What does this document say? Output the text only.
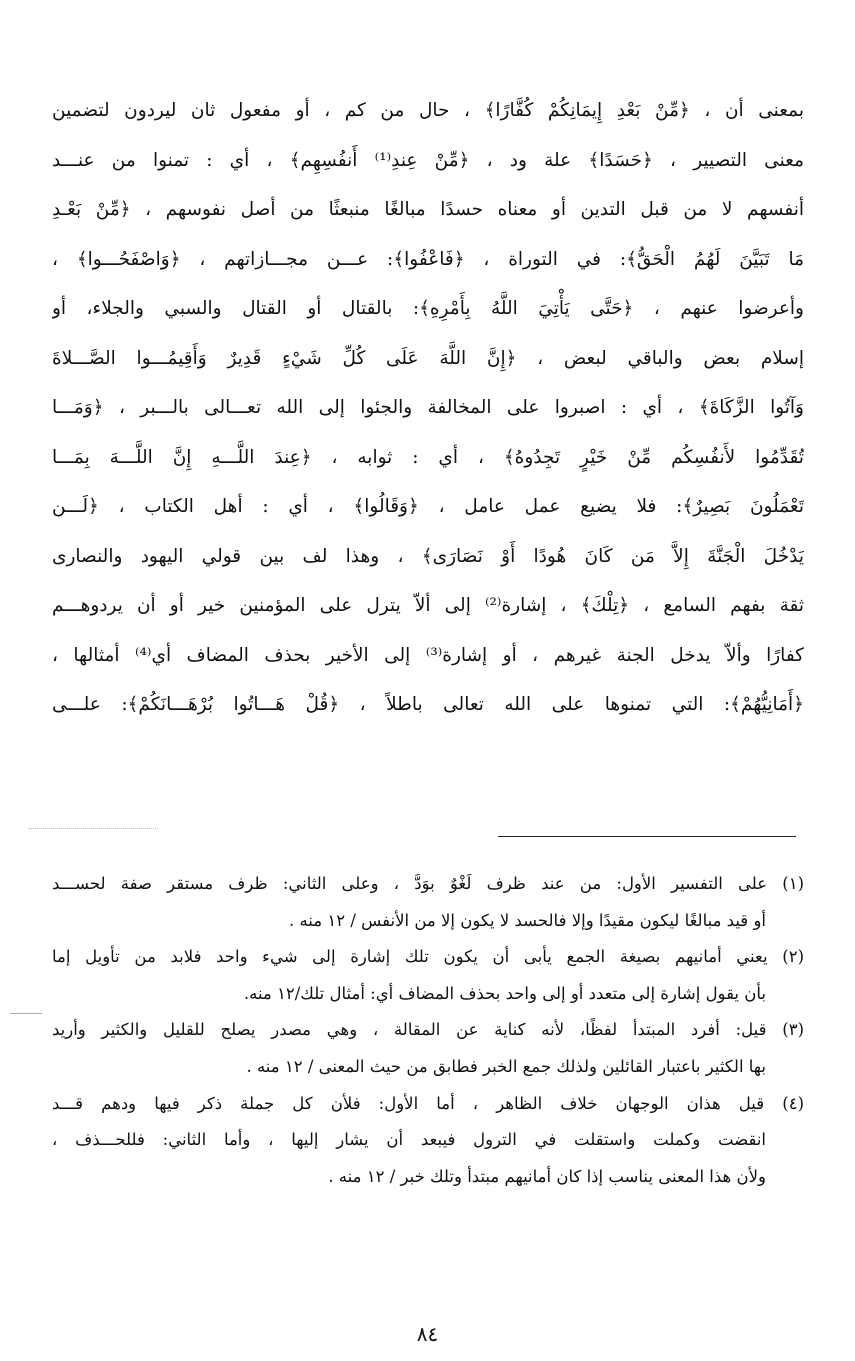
بمعنى أن ، ﴿مِّنْ بَعْدِ إِيمَانِكُمْ كُفَّارًا﴾ ، حال من كم ، أو مفعول ثان ليردون لتضمين
معنى التصيير ، ﴿حَسَدًا﴾ علة ود ، ﴿مِّنْ عِندِ⁽¹⁾ أَنفُسِهِم﴾ ، أي : تمنوا من عنـــد
أنفسهم لا من قبل التدين أو معناه حسدًا مبالغًا منبعثًا من أصل نفوسهم ، ﴿مِّنْ بَعْـدِ
مَا تَبَيَّنَ لَهُمُ الْحَقُّ﴾: في التوراة ، ﴿فَاعْفُوا﴾: عـــن مجـــازاتهم ، ﴿وَاصْفَحُـــوا﴾ ،
وأعرضوا عنهم ، ﴿حَتَّى يَأْتِيَ اللَّهُ بِأَمْرِهِ﴾: بالقتال أو القتال والسبي والجلاء، أو
إسلام بعض والباقي لبعض ، ﴿إِنَّ اللَّهَ عَلَى كُلِّ شَيْءٍ قَدِيرٌ وَأَقِيمُـــوا الصَّـــلاةَ
وَآتُوا الزَّكَاةَ﴾ ، أي : اصبروا على المخالفة والجئوا إلى الله تعـــالى بالـــبر ، ﴿وَمَـــا
تُقَدِّمُوا لأَنفُسِكُم مِّنْ خَيْرٍ تَجِدُوهُ﴾ ، أي : ثوابه ، ﴿عِندَ اللَّـــهِ إِنَّ اللَّـــهَ بِمَـــا
تَعْمَلُونَ بَصِيرٌ﴾: فلا يضيع عمل عامل ، ﴿وَقَالُوا﴾ ، أي : أهل الكتاب ، ﴿لَـــن
يَدْخُلَ الْجَنَّةَ إِلاَّ مَن كَانَ هُودًا أَوْ نَصَارَى﴾ ، وهذا لف بين قولي اليهود والنصارى
ثقة بفهم السامع ، ﴿تِلْكَ﴾ ، إشارة⁽²⁾ إلى ألاّ يترل على المؤمنين خير أو أن يردوهـــم
كفارًا وألاّ يدخل الجنة غيرهم ، أو إشارة⁽³⁾ إلى الأخير بحذف المضاف أي⁽⁴⁾ أمثالها ،
﴿أَمَانِيُّهُمْ﴾: التي تمنوها على الله تعالى باطلاً ، ﴿قُلْ هَـــاتُوا بُرْهَـــانَكُمْ﴾: علـــى
(١) على التفسير الأول: من عند ظرف لَغْوٌ بوَدَّ ، وعلى الثاني: ظرف مستقر صفة لحســـد
أو قيد مبالغًا ليكون مقيدًا وإلا فالحسد لا يكون إلا من الأنفس / ١٢ منه .
(٢) يعني أمانيهم بصيغة الجمع يأبى أن يكون تلك إشارة إلى شيء واحد فلابد من تأويل إما
بأن يقول إشارة إلى متعدد أو إلى واحد بحذف المضاف أي: أمثال تلك/١٢ منه.
(٣) قيل: أفرد المبتدأ لفظًا، لأنه كناية عن المقالة ، وهي مصدر يصلح للقليل والكثير وأريد
بها الكثير باعتبار القائلين ولذلك جمع الخبر فطابق من حيث المعنى / ١٢ منه .
(٤) قيل هذان الوجهان خلاف الظاهر ، أما الأول: فلأن كل جملة ذكر فيها ودهم قـــد
انقضت وكملت واستقلت في الترول فيبعد أن يشار إليها ، وأما الثاني: فللحـــذف ،
ولأن هذا المعنى يناسب إذا كان أمانيهم مبتدأ وتلك خبر / ١٢ منه .
٨٤
